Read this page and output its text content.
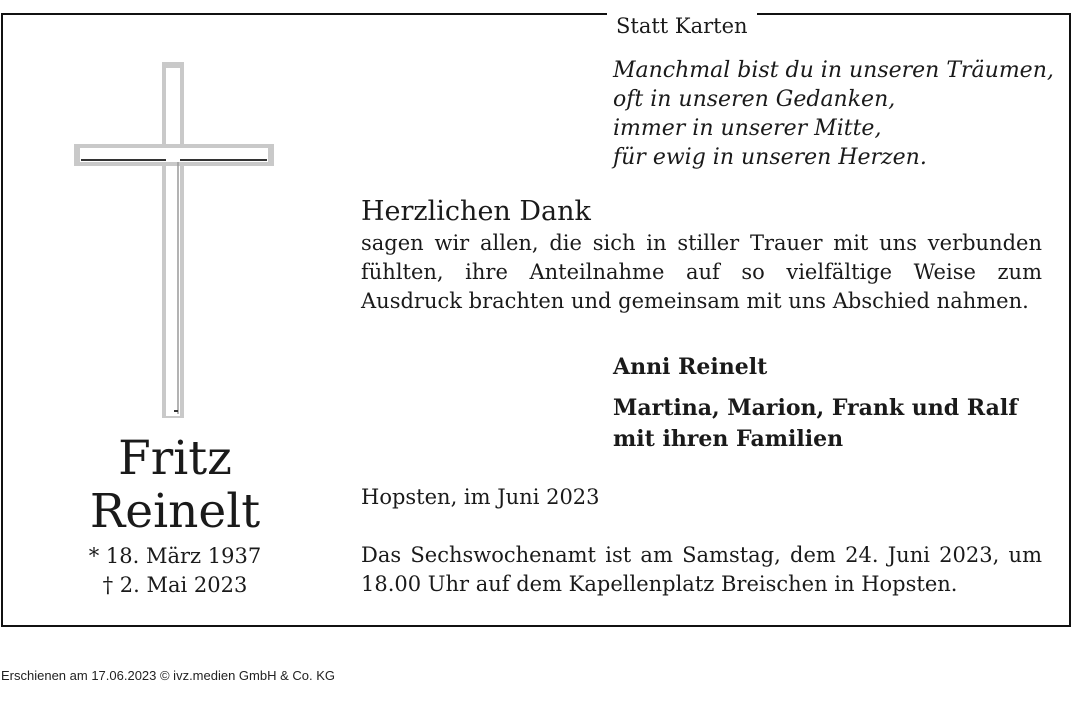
Statt Karten
Fritz
Reinelt
* 18. März 1937
† 2. Mai 2023
Manchmal bist du in unseren Träumen,
oft in unseren Gedanken,
immer in unserer Mitte,
für ewig in unseren Herzen.
Herzlichen Dank
sagen wir allen, die sich in stiller Trauer mit uns verbunden fühlten, ihre Anteilnahme auf so vielfältige Weise zum Ausdruck brachten und gemeinsam mit uns Abschied nahmen.
Anni Reinelt
Martina, Marion, Frank und Ralf mit ihren Familien
Hopsten, im Juni 2023
Das Sechswochenamt ist am Samstag, dem 24. Juni 2023, um 18.00 Uhr auf dem Kapellenplatz Breischen in Hopsten.
Erschienen am 17.06.2023 © ivz.medien GmbH & Co. KG
